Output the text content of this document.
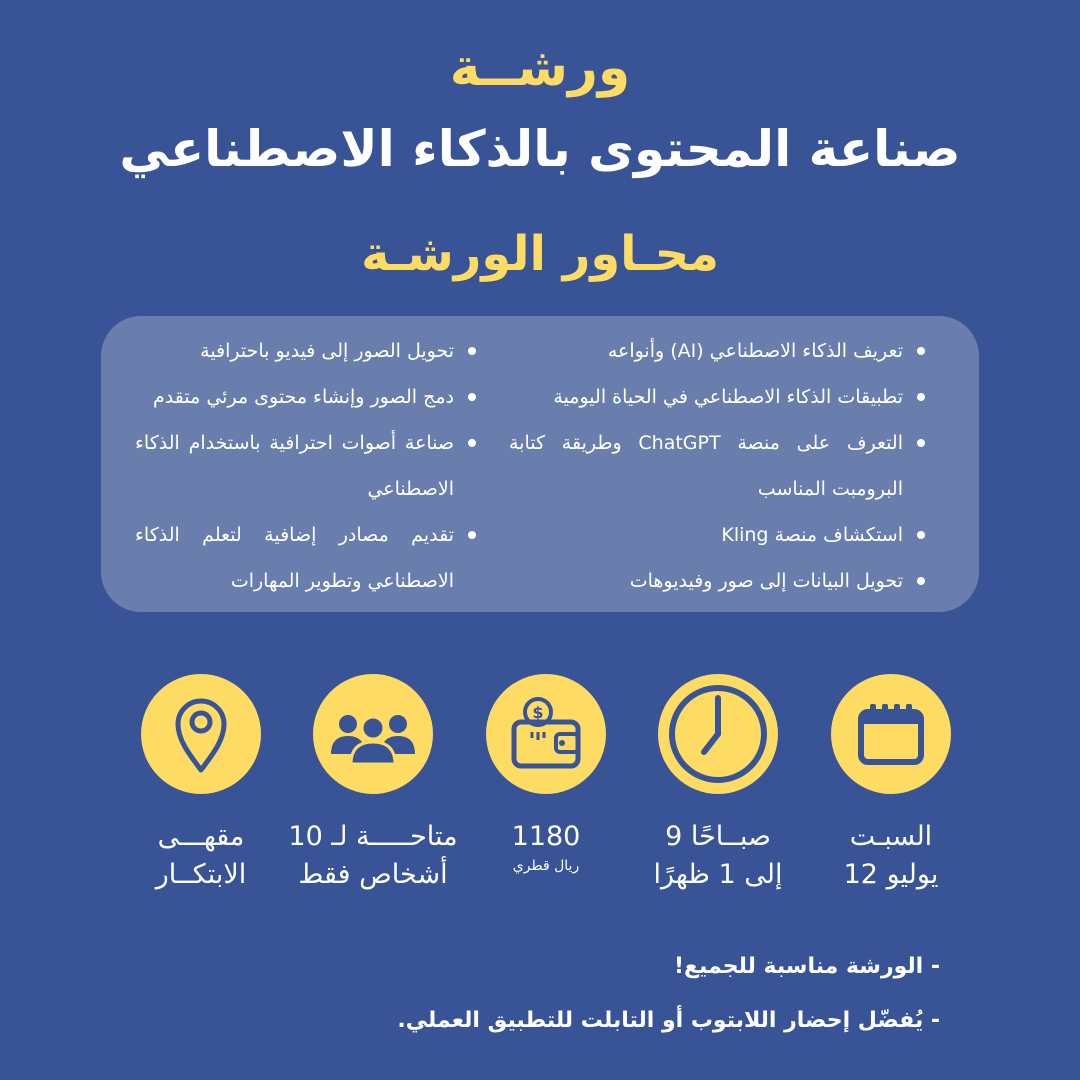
ورشــة
صناعة المحتوى بالذكاء الاصطناعي
محـاور الورشـة
تعريف الذكاء الاصطناعي (AI) وأنواعه
تطبيقات الذكاء الاصطناعي في الحياة اليومية
التعرف على منصة ChatGPT وطريقة كتابة البرومبت المناسب
استكشاف منصة Kling
تحويل البيانات إلى صور وفيديوهات
تحويل الصور إلى فيديو باحترافية
دمج الصور وإنشاء محتوى مرئي متقدم
صناعة أصوات احترافية باستخدام الذكاء الاصطناعي
تقديم مصادر إضافية لتعلم الذكاء الاصطناعي وتطوير المهارات
$
السبـت
12 يوليو
9 صبــاحًا
إلى 1 ظهرًا
1180
ريال قطري
متاحـــــة لـ 10
أشخاص فقط
مقهـــى
الابتكــار
- الورشة مناسبة للجميع!
- يُفضّل إحضار اللابتوب أو التابلت للتطبيق العملي.
